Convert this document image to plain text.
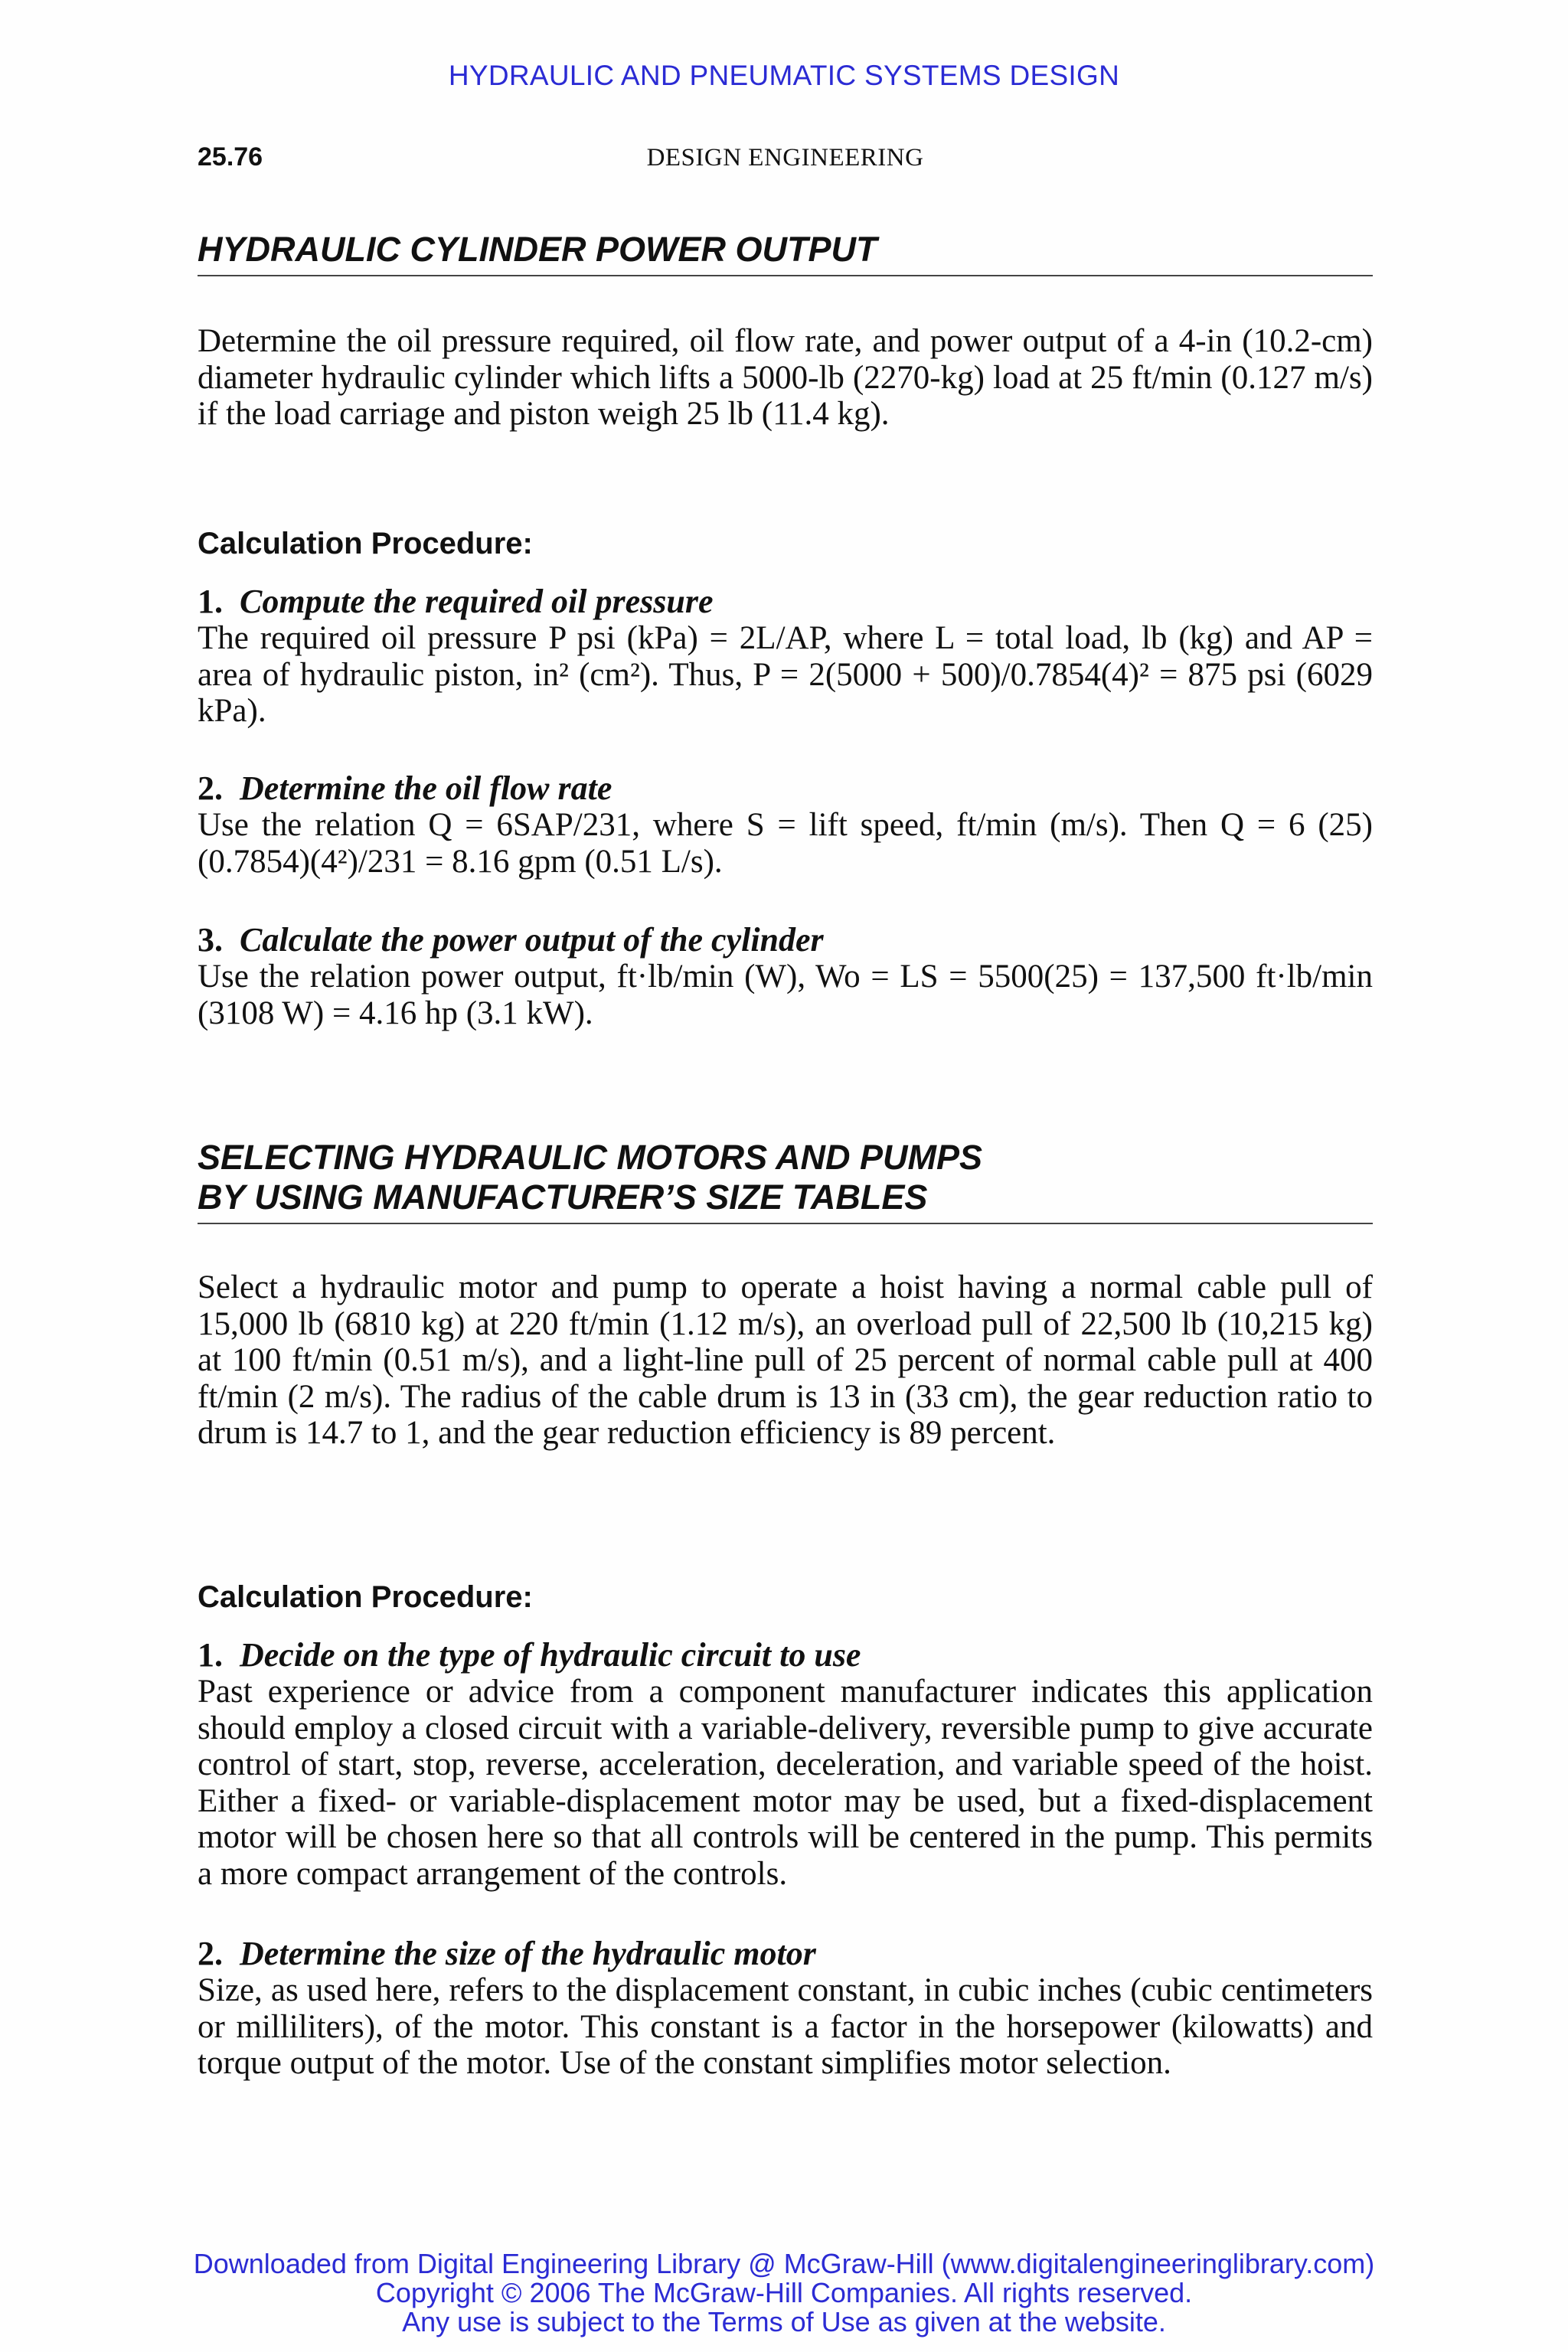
HYDRAULIC AND PNEUMATIC SYSTEMS DESIGN
25.76	DESIGN ENGINEERING
HYDRAULIC CYLINDER POWER OUTPUT

Determine the oil pressure required, oil flow rate, and power output of a 4-in (10.2-cm) diameter hydraulic cylinder which lifts a 5000-lb (2270-kg) load at 25 ft/min (0.127 m/s) if the load carriage and piston weigh 25 lb (11.4 kg).

Calculation Procedure:

1. Compute the required oil pressure

The required oil pressure P psi (kPa) = 2L/AP, where L = total load, lb (kg) and AP = area of hydraulic piston, in² (cm²). Thus, P = 2(5000 + 500)/0.7854(4)² = 875 psi (6029 kPa).

2. Determine the oil flow rate

Use the relation Q = 6SAP/231, where S = lift speed, ft/min (m/s). Then Q = 6 (25)(0.7854)(4²)/231 = 8.16 gpm (0.51 L/s).

3. Calculate the power output of the cylinder

Use the relation power output, ft·lb/min (W), Wo = LS = 5500(25) = 137,500 ft·lb/min (3108 W) = 4.16 hp (3.1 kW).

SELECTING HYDRAULIC MOTORS AND PUMPS
BY USING MANUFACTURER’S SIZE TABLES

Select a hydraulic motor and pump to operate a hoist having a normal cable pull of 15,000 lb (6810 kg) at 220 ft/min (1.12 m/s), an overload pull of 22,500 lb (10,215 kg) at 100 ft/min (0.51 m/s), and a light-line pull of 25 percent of normal cable pull at 400 ft/min (2 m/s). The radius of the cable drum is 13 in (33 cm), the gear reduction ratio to drum is 14.7 to 1, and the gear reduction efficiency is 89 percent.

Calculation Procedure:

1. Decide on the type of hydraulic circuit to use

Past experience or advice from a component manufacturer indicates this application should employ a closed circuit with a variable-delivery, reversible pump to give accurate control of start, stop, reverse, acceleration, deceleration, and variable speed of the hoist. Either a fixed- or variable-displacement motor may be used, but a fixed-displacement motor will be chosen here so that all controls will be centered in the pump. This permits a more compact arrangement of the controls.

2. Determine the size of the hydraulic motor

Size, as used here, refers to the displacement constant, in cubic inches (cubic centimeters or milliliters), of the motor. This constant is a factor in the horsepower (kilowatts) and torque output of the motor. Use of the constant simplifies motor selection.

Downloaded from Digital Engineering Library @ McGraw-Hill (www.digitalengineeringlibrary.com)
Copyright © 2006 The McGraw-Hill Companies. All rights reserved.
Any use is subject to the Terms of Use as given at the website.
